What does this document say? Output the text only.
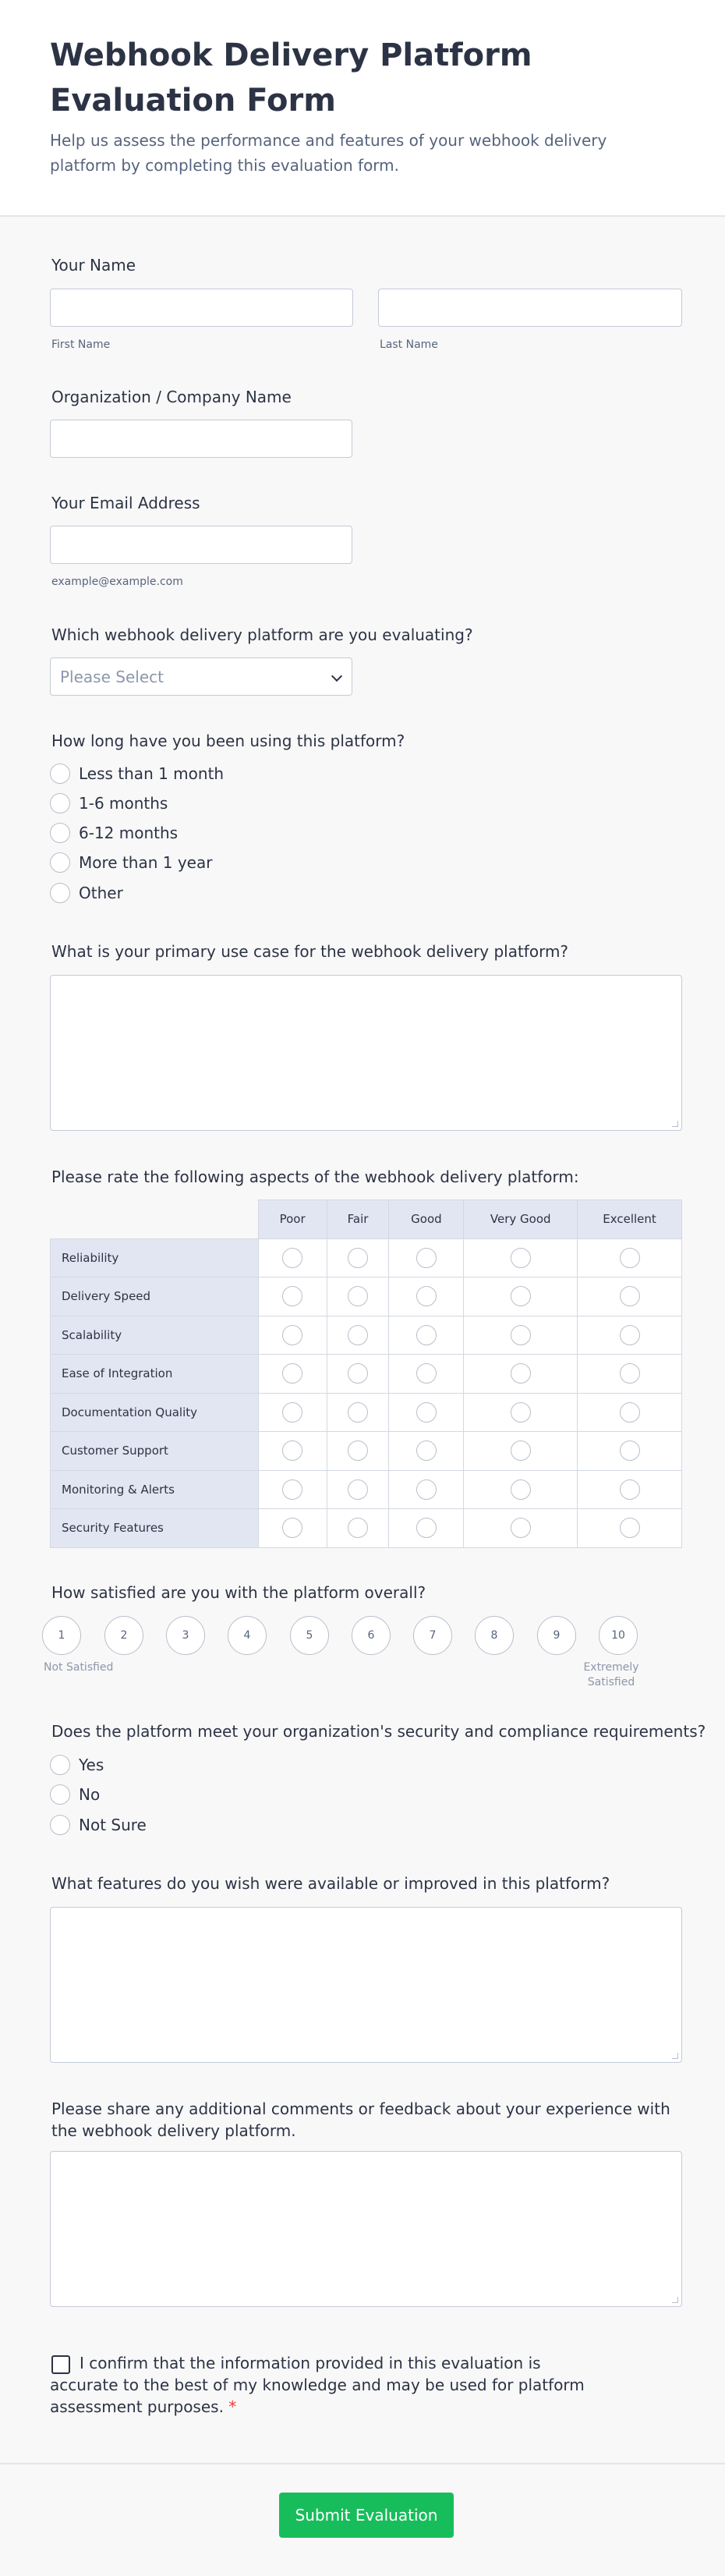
Webhook Delivery Platform Evaluation Form
Help us assess the performance and features of your webhook delivery platform by completing this evaluation form.
Your Name
First Name	Last Name
Organization / Company Name
Your Email Address
example@example.com
Which webhook delivery platform are you evaluating?
Please Select
How long have you been using this platform?
Less than 1 month
1-6 months
6-12 months
More than 1 year
Other
What is your primary use case for the webhook delivery platform?
Please rate the following aspects of the webhook delivery platform:
	Poor	Fair	Good	Very Good	Excellent
Reliability					
Delivery Speed					
Scalability					
Ease of Integration					
Documentation Quality					
Customer Support					
Monitoring & Alerts					
Security Features					
How satisfied are you with the platform overall?
1	2	3	4	5	6	7	8	9	10
Not Satisfied	Extremely
Satisfied
Does the platform meet your organization's security and compliance requirements?
Yes
No
Not Sure
What features do you wish were available or improved in this platform?
Please share any additional comments or feedback about your experience with the webhook delivery platform.
I confirm that the information provided in this evaluation is accurate to the best of my knowledge and may be used for platform assessment purposes. *
Submit Evaluation
